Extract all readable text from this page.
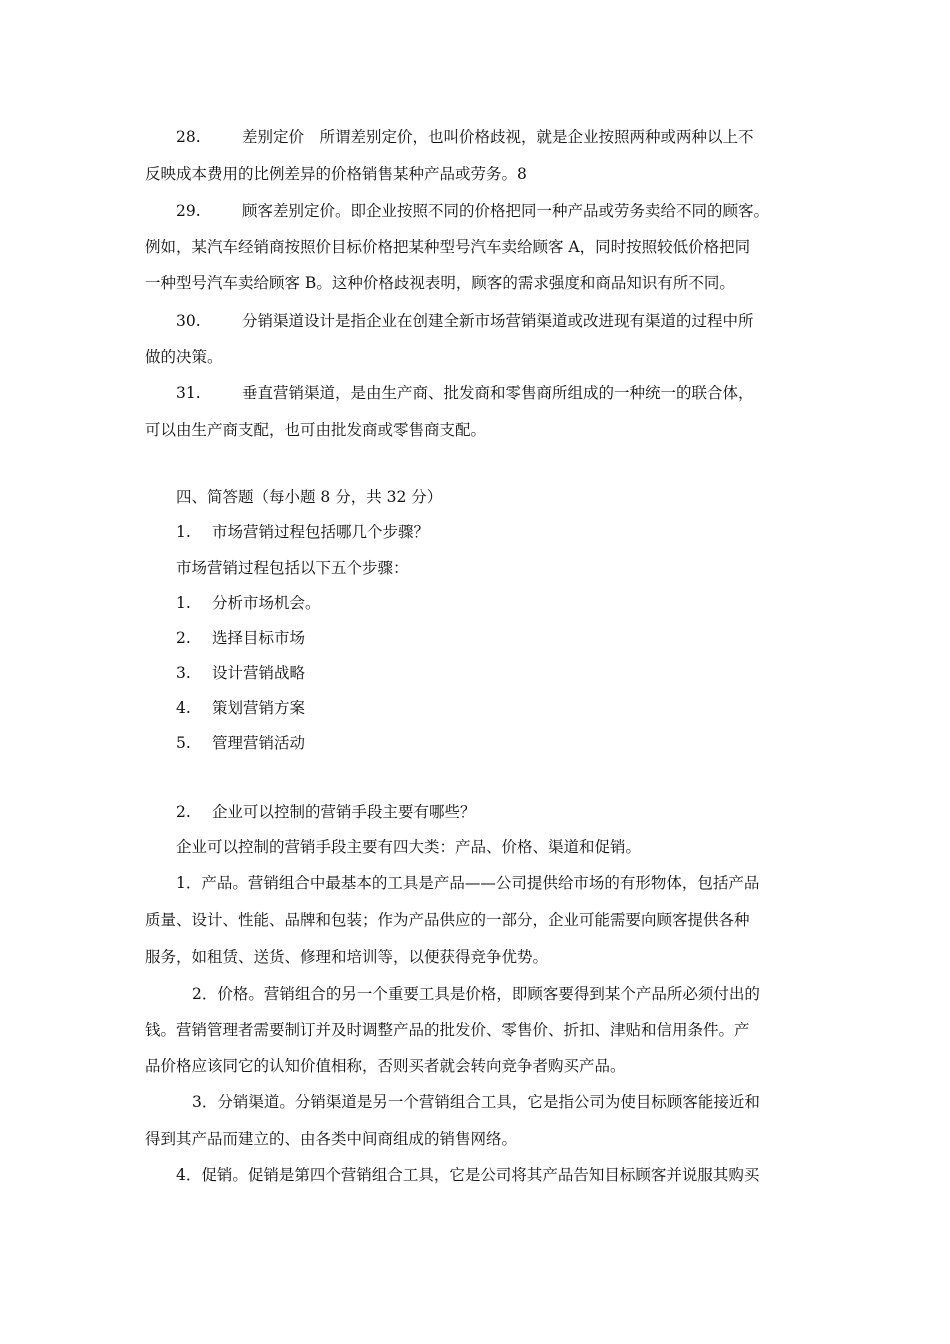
28.	差别定价　所谓差别定价，也叫价格歧视，就是企业按照两种或两种以上不
反映成本费用的比例差异的价格销售某种产品或劳务。8
29.	顾客差别定价。即企业按照不同的价格把同一种产品或劳务卖给不同的顾客。
例如，某汽车经销商按照价目标价格把某种型号汽车卖给顾客 A，同时按照较低价格把同
一种型号汽车卖给顾客 B。这种价格歧视表明，顾客的需求强度和商品知识有所不同。
30.	分销渠道设计是指企业在创建全新市场营销渠道或改进现有渠道的过程中所
做的决策。
31.	垂直营销渠道，是由生产商、批发商和零售商所组成的一种统一的联合体，
可以由生产商支配，也可由批发商或零售商支配。
四、简答题（每小题 8 分，共 32 分）
1. 市场营销过程包括哪几个步骤？
市场营销过程包括以下五个步骤：
1. 分析市场机会。
2. 选择目标市场
3. 设计营销战略
4. 策划营销方案
5. 管理营销活动
2. 企业可以控制的营销手段主要有哪些？
企业可以控制的营销手段主要有四大类：产品、价格、渠道和促销。
1．产品。营销组合中最基本的工具是产品——公司提供给市场的有形物体，包括产品
质量、设计、性能、品牌和包装；作为产品供应的一部分，企业可能需要向顾客提供各种
服务，如租赁、送货、修理和培训等，以便获得竞争优势。
2．价格。营销组合的另一个重要工具是价格，即顾客要得到某个产品所必须付出的
钱。营销管理者需要制订并及时调整产品的批发价、零售价、折扣、津贴和信用条件。产
品价格应该同它的认知价值相称，否则买者就会转向竞争者购买产品。
3．分销渠道。分销渠道是另一个营销组合工具，它是指公司为使目标顾客能接近和
得到其产品而建立的、由各类中间商组成的销售网络。
4．促销。促销是第四个营销组合工具，它是公司将其产品告知目标顾客并说服其购买
